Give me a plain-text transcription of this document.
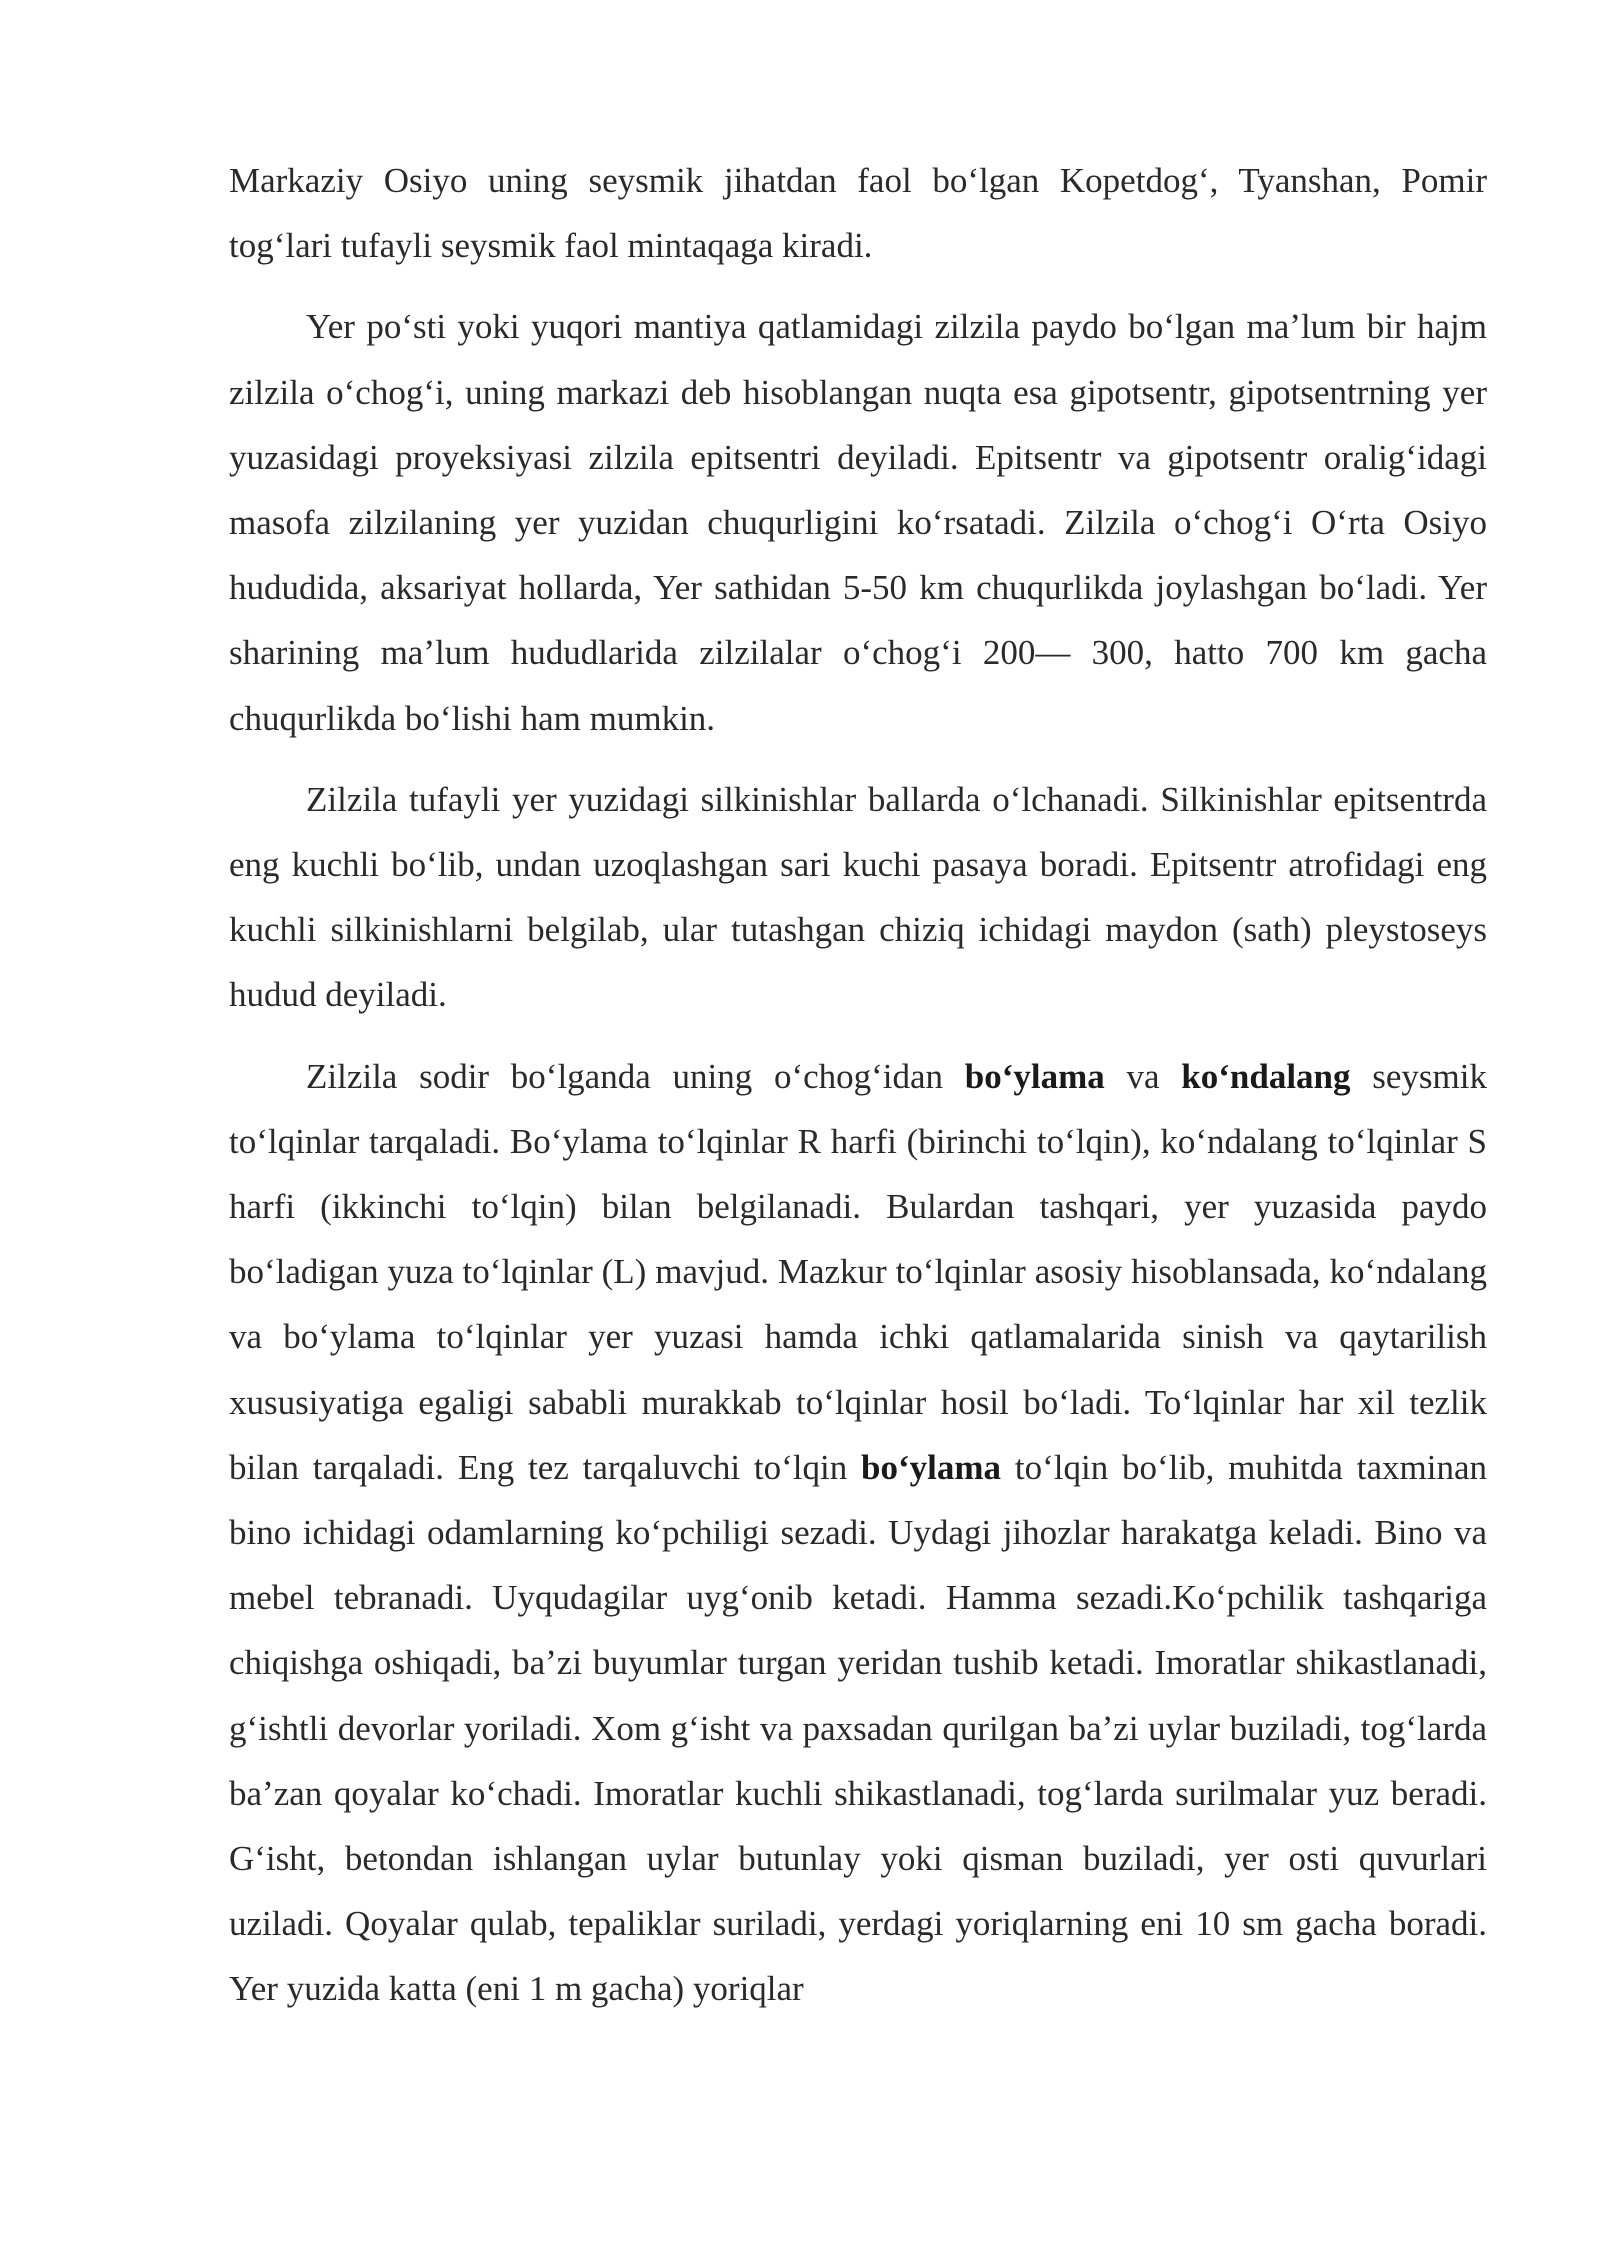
Markaziy Osiyo uning seysmik jihatdan faol boʻlgan Kopetdogʻ, Tyanshan, Pomir togʻlari tufayli seysmik faol mintaqaga kiradi.

Yer poʻsti yoki yuqori mantiya qatlamidagi zilzila paydo boʻlgan maʼlum bir hajm zilzila oʻchogʻi, uning markazi deb hisoblangan nuqta esa gipotsentr, gipotsentrning yer yuzasidagi proyeksiyasi zilzila epitsentri deyiladi. Epitsentr va gipotsentr oraligʻidagi masofa zilzilaning yer yuzidan chuqurligini koʻrsatadi. Zilzila oʻchogʻi Oʻrta Osiyo hududida, aksariyat hollarda, Yer sathidan 5-50 km chuqurlikda joylashgan boʻladi. Yer sharining maʼlum hududlarida zilzilalar oʻchogʻi 200— 300, hatto 700 km gacha chuqurlikda boʻlishi ham mumkin.

Zilzila tufayli yer yuzidagi silkinishlar ballarda oʻlchanadi. Silkinishlar epitsentrda eng kuchli boʻlib, undan uzoqlashgan sari kuchi pasaya boradi. Epitsentr atrofidagi eng kuchli silkinishlarni belgilab, ular tutashgan chiziq ichidagi maydon (sath) pleystoseys hudud deyiladi.

Zilzila sodir boʻlganda uning oʻchogʻidan boʻylama va koʻndalang seysmik toʻlqinlar tarqaladi. Boʻylama toʻlqinlar R harfi (birinchi toʻlqin), koʻndalang toʻlqinlar S harfi (ikkinchi toʻlqin) bilan belgilanadi. Bulardan tashqari, yer yuzasida paydo boʻladigan yuza toʻlqinlar (L) mavjud. Mazkur toʻlqinlar asosiy hisoblansada, koʻndalang va boʻylama toʻlqinlar yer yuzasi hamda ichki qatlamalarida sinish va qaytarilish xususiyatiga egaligi sababli murakkab toʻlqinlar hosil boʻladi. Toʻlqinlar har xil tezlik bilan tarqaladi. Eng tez tarqaluvchi toʻlqin boʻylama toʻlqin boʻlib, muhitda taxminan bino ichidagi odamlarning koʻpchiligi sezadi. Uydagi jihozlar harakatga keladi. Bino va mebel tebranadi. Uyqudagilar uygʻonib ketadi. Hamma sezadi.Koʻpchilik tashqariga chiqishga oshiqadi, baʼzi buyumlar turgan yeridan tushib ketadi. Imoratlar shikastlanadi, gʻishtli devorlar yoriladi. Xom gʻisht va paxsadan qurilgan baʼzi uylar buziladi, togʻlarda baʼzan qoyalar koʻchadi. Imoratlar kuchli shikastlanadi, togʻlarda surilmalar yuz beradi. Gʻisht, betondan ishlangan uylar butunlay yoki qisman buziladi, yer osti quvurlari uziladi. Qoyalar qulab, tepaliklar suriladi, yerdagi yoriqlarning eni 10 sm gacha boradi. Yer yuzida katta (eni 1 m gacha) yoriqlar
